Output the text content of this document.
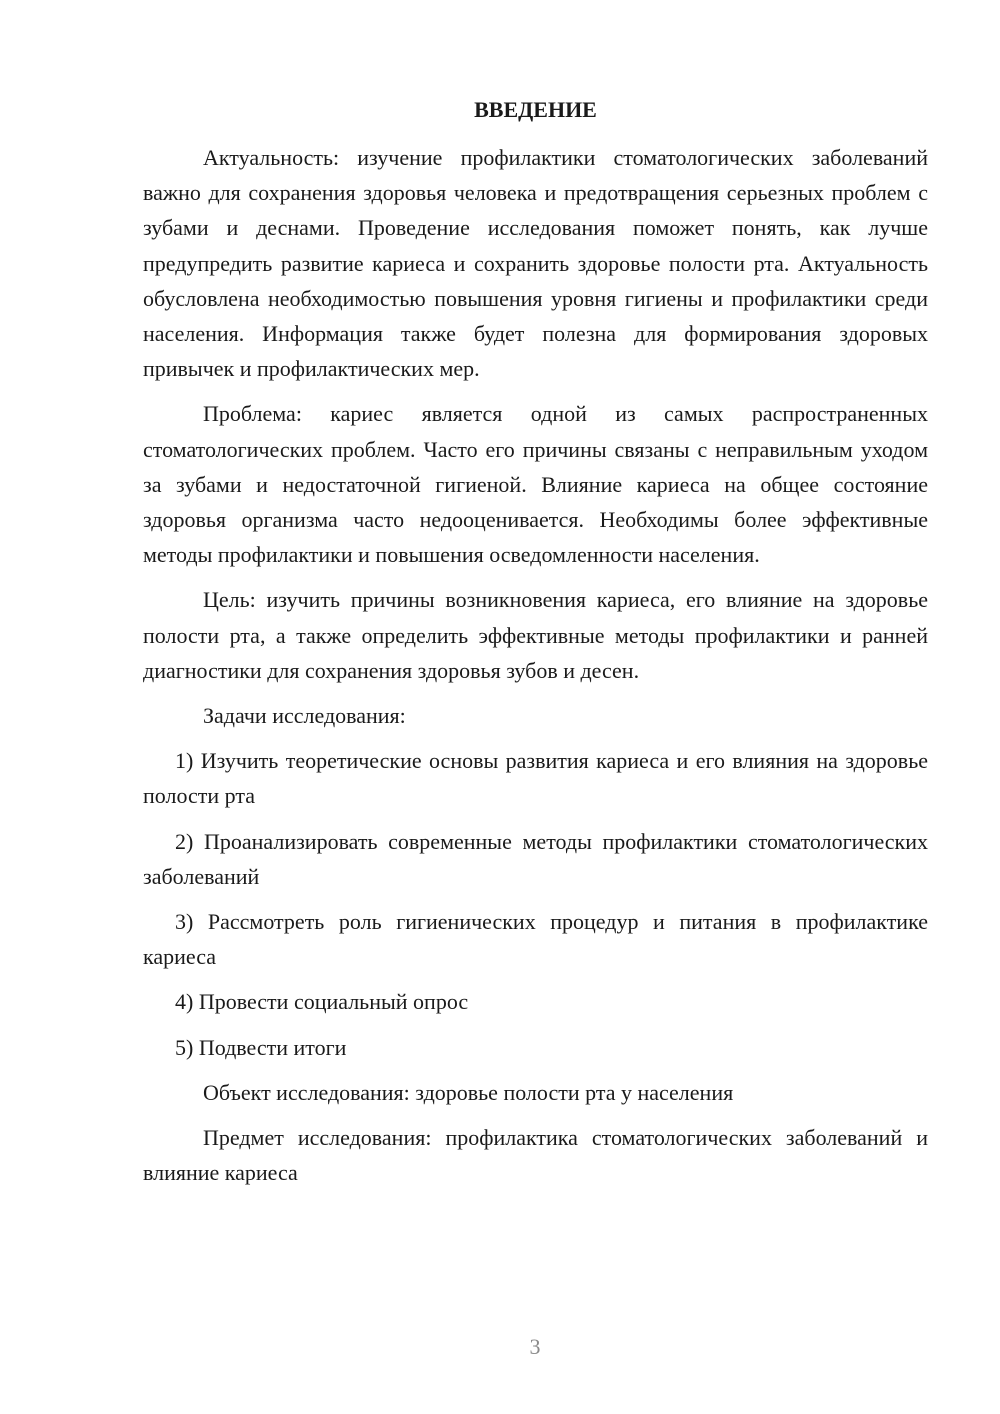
ВВЕДЕНИЕ

Актуальность: изучение профилактики стоматологических заболеваний важно для сохранения здоровья человека и предотвращения серьезных проблем с зубами и деснами. Проведение исследования поможет понять, как лучше предупредить развитие кариеса и сохранить здоровье полости рта. Актуальность обусловлена необходимостью повышения уровня гигиены и профилактики среди населения. Информация также будет полезна для формирования здоровых привычек и профилактических мер.

Проблема: кариес является одной из самых распространенных стоматологических проблем. Часто его причины связаны с неправильным уходом за зубами и недостаточной гигиеной. Влияние кариеса на общее состояние здоровья организма часто недооценивается. Необходимы более эффективные методы профилактики и повышения осведомленности населения.

Цель: изучить причины возникновения кариеса, его влияние на здоровье полости рта, а также определить эффективные методы профилактики и ранней диагностики для сохранения здоровья зубов и десен.

Задачи исследования:

1) Изучить теоретические основы развития кариеса и его влияния на здоровье полости рта

2) Проанализировать современные методы профилактики стоматологических заболеваний

3) Рассмотреть роль гигиенических процедур и питания в профилактике кариеса

4) Провести социальный опрос

5) Подвести итоги

Объект исследования: здоровье полости рта у населения

Предмет исследования: профилактика стоматологических заболеваний и влияние кариеса

3
